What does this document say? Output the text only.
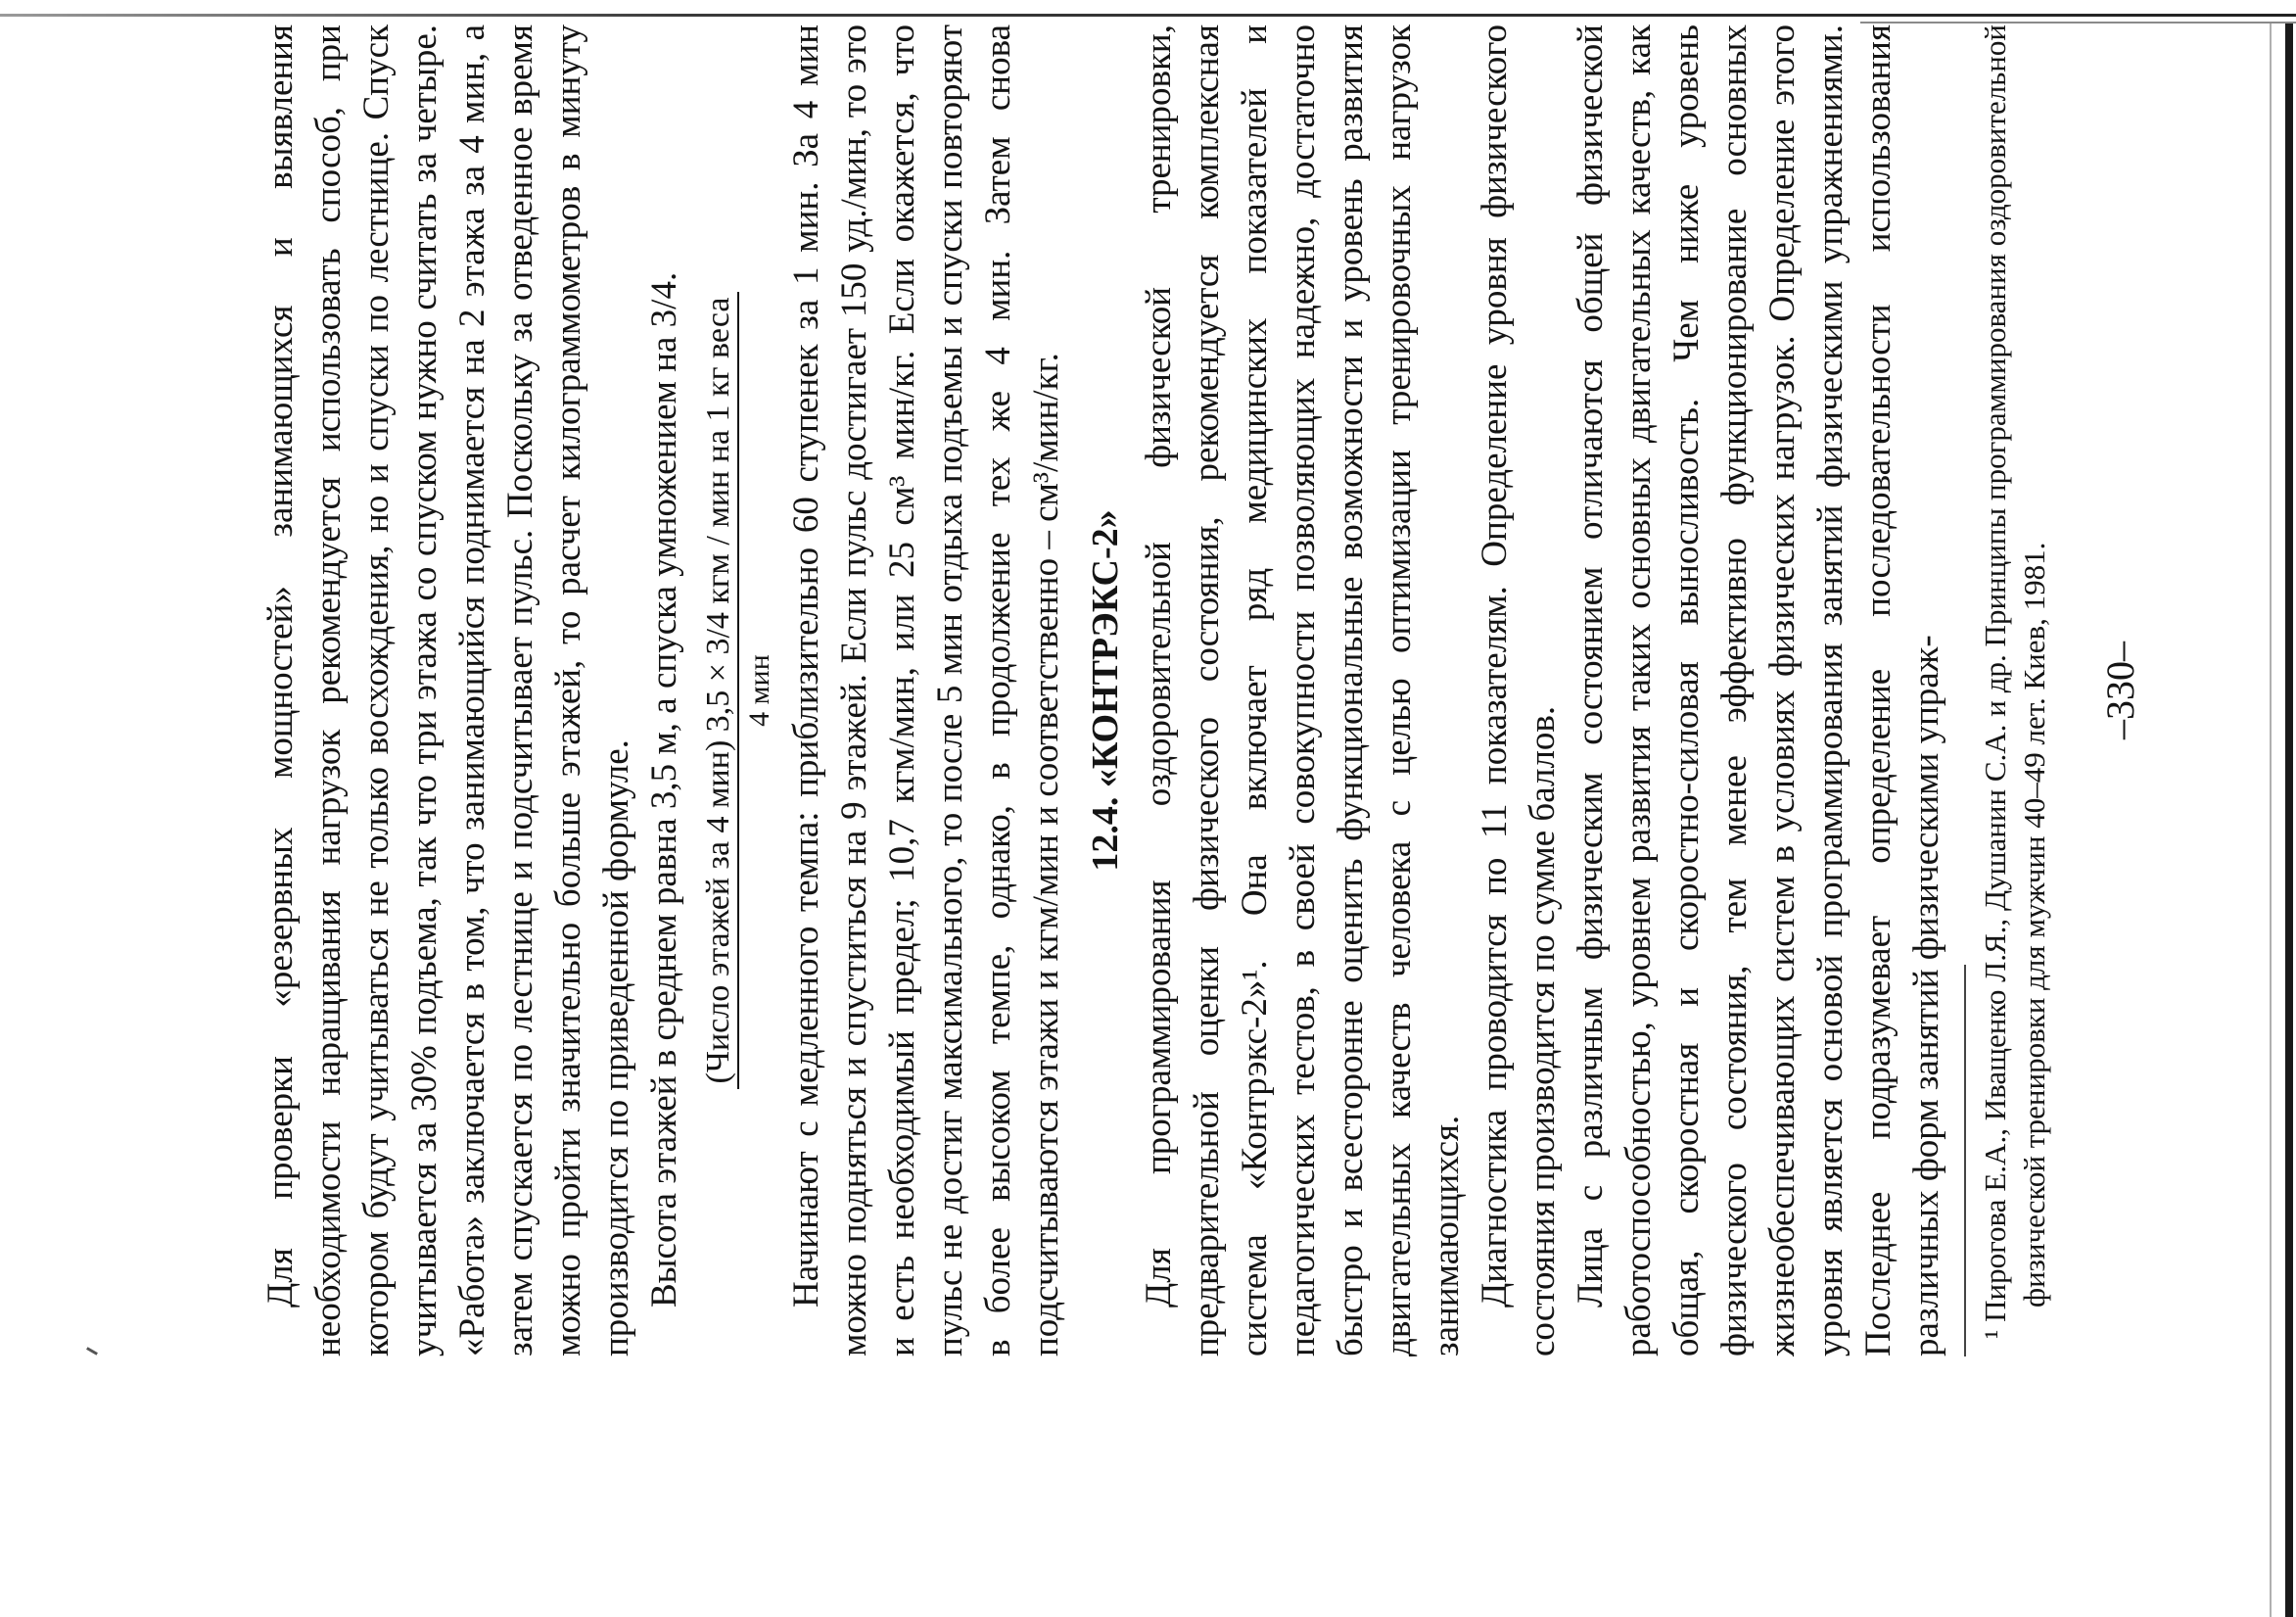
Для проверки «резервных мощностей» занимающихся и выявления необходимости наращивания нагрузок рекомендуется использовать способ, при котором будут учитываться не только восхождения, но и спуски по лестнице. Спуск учитывается за 30% подъема, так что три этажа со спуском нужно считать за четыре. «Работа» заключается в том, что занимающийся поднимается на 2 этажа за 4 мин, а затем спускается по лестнице и подсчитывает пульс. Поскольку за отведенное время можно пройти значительно больше этажей, то расчет килограммометров в минуту производится по приведенной формуле. Высота этажей в среднем равна 3,5 м, а спуска умножением на 3/4. (Число этажей за 4 мин) 3,5 × 3/4 кгм / мин на 1 кг веса 4 мин Начинают с медленного темпа: приблизительно 60 ступенек за 1 мин. За 4 мин можно подняться и спуститься на 9 этажей. Если пульс достигает 150 уд./мин, то это и есть необходимый предел; 10,7 кгм/мин, или 25 см³ мин/кг. Если окажется, что пульс не достиг максимального, то после 5 мин отдыха подъемы и спуски повторяют в более высоком темпе, однако, в продолжение тех же 4 мин. Затем снова подсчитываются этажи и кгм/мин и соответственно – см³/мин/кг. 12.4. «КОНТРЭКС-2» Для программирования оздоровительной физической тренировки, предварительной оценки физического состояния, рекомендуется комплексная система «Контрэкс-2»¹. Она включает ряд медицинских показателей и педагогических тестов, в своей совокупности позволяющих надежно, достаточно быстро и всесторонне оценить функциональные возможности и уровень развития двигательных качеств человека с целью оптимизации тренировочных нагрузок занимающихся. Диагностика проводится по 11 показателям. Определение уровня физического состояния производится по сумме баллов. Лица с различным физическим состоянием отличаются общей физической работоспособностью, уровнем развития таких основных двигательных качеств, как общая, скоростная и скоростно-силовая выносливость. Чем ниже уровень физического состояния, тем менее эффективно функционирование основных жизнеобеспечивающих систем в условиях физических нагрузок. Определение этого уровня является основой программирования занятий физическими упражнениями. Последнее подразумевает определение последовательности использования различных форм занятий физическими упраж- ¹ Пирогова Е.А., Иващенко Л.Я., Душанин С.А. и др. Принципы программирования оздоровительной физической тренировки для мужчин 40–49 лет. Киев, 1981. –330–
